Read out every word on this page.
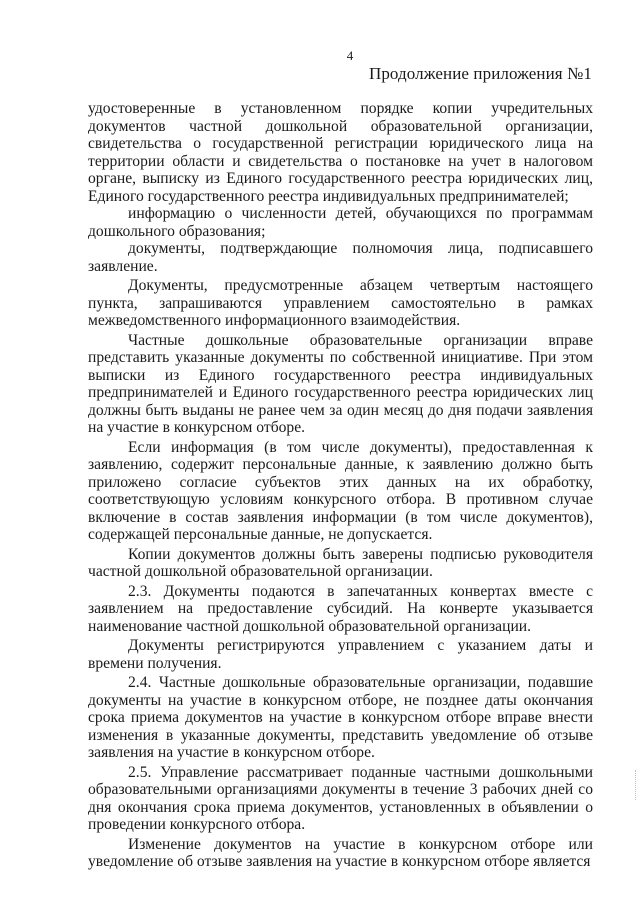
4
Продолжение приложения №1

удостоверенные в установленном порядке копии учредительных документов частной дошкольной образовательной организации, свидетельства о государственной регистрации юридического лица на территории области и свидетельства о постановке на учет в налоговом органе, выписку из Единого государственного реестра юридических лиц, Единого государственного реестра индивидуальных предпринимателей;

информацию о численности детей, обучающихся по программам дошкольного образования;

документы, подтверждающие полномочия лица, подписавшего заявление.

Документы, предусмотренные абзацем четвертым настоящего пункта, запрашиваются управлением самостоятельно в рамках межведомственного информационного взаимодействия.

Частные дошкольные образовательные организации вправе представить указанные документы по собственной инициативе. При этом выписки из Единого государственного реестра индивидуальных предпринимателей и Единого государственного реестра юридических лиц должны быть выданы не ранее чем за один месяц до дня подачи заявления на участие в конкурсном отборе.

Если информация (в том числе документы), предоставленная к заявлению, содержит персональные данные, к заявлению должно быть приложено согласие субъектов этих данных на их обработку, соответствующую условиям конкурсного отбора. В противном случае включение в состав заявления информации (в том числе документов), содержащей персональные данные, не допускается.

Копии документов должны быть заверены подписью руководителя частной дошкольной образовательной организации.

2.3. Документы подаются в запечатанных конвертах вместе с заявлением на предоставление субсидий. На конверте указывается наименование частной дошкольной образовательной организации.

Документы регистрируются управлением с указанием даты и времени получения.

2.4. Частные дошкольные образовательные организации, подавшие документы на участие в конкурсном отборе, не позднее даты окончания срока приема документов на участие в конкурсном отборе вправе внести изменения в указанные документы, представить уведомление об отзыве заявления на участие в конкурсном отборе.

2.5. Управление рассматривает поданные частными дошкольными образовательными организациями документы в течение 3 рабочих дней со дня окончания срока приема документов, установленных в объявлении о проведении конкурсного отбора.

Изменение документов на участие в конкурсном отборе или уведомление об отзыве заявления на участие в конкурсном отборе является
